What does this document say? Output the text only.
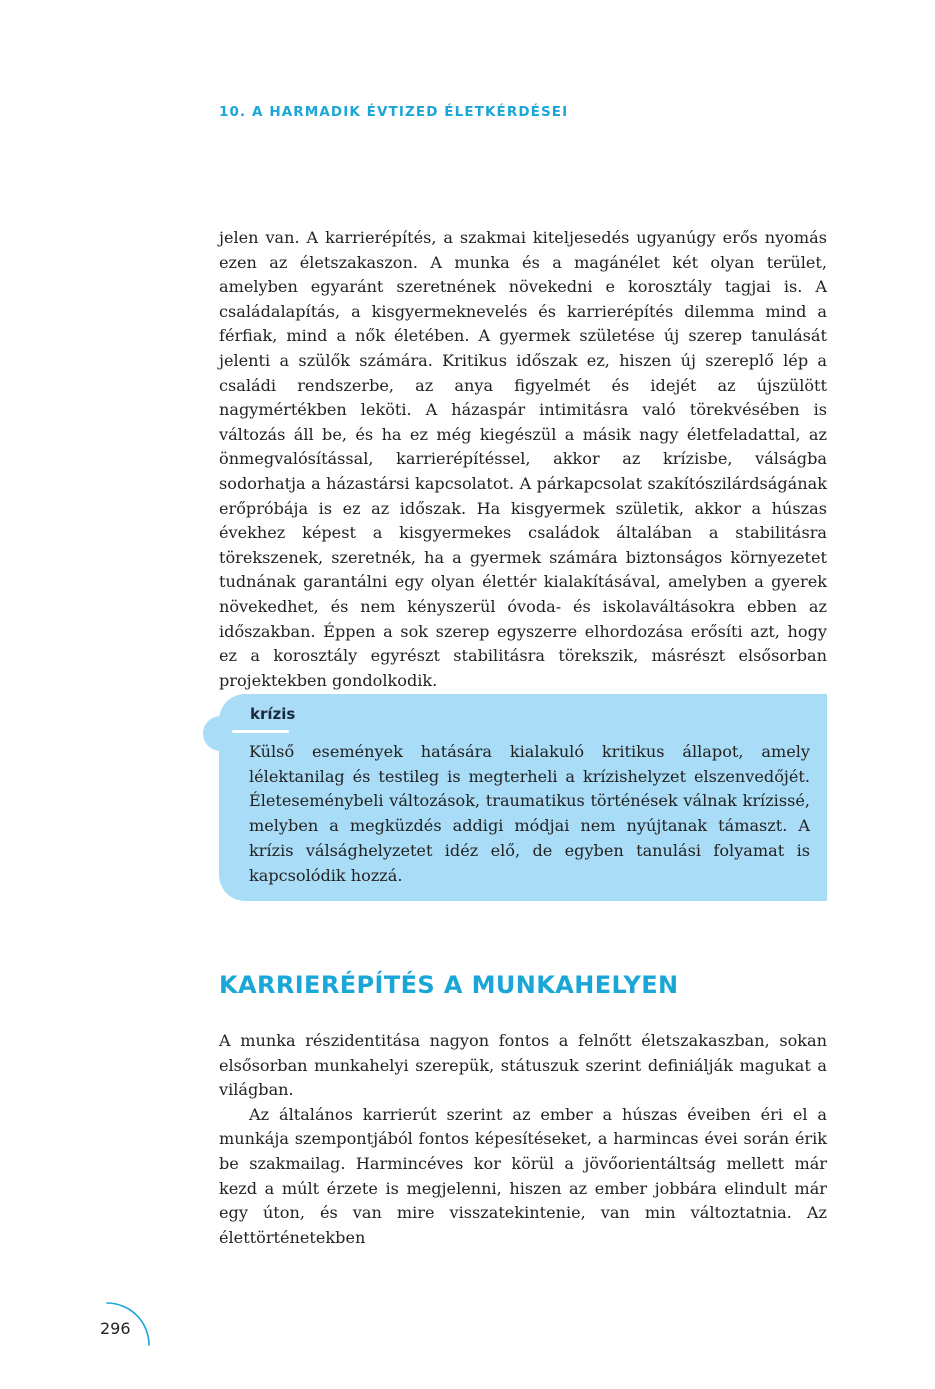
10. A HARMADIK ÉVTIZED ÉLETKÉRDÉSEI

jelen van. A karrierépítés, a szakmai kiteljesedés ugyanúgy erős nyomás ezen az életszakaszon. A munka és a magánélet két olyan terület, amelyben egyaránt szeretnének növekedni e korosztály tagjai is. A családalapítás, a kisgyermeknevelés és karrierépítés dilemma mind a férfiak, mind a nők életében. A gyermek születése új szerep tanulását jelenti a szülők számára. Kritikus időszak ez, hiszen új szereplő lép a családi rendszerbe, az anya figyelmét és idejét az újszülött nagymértékben leköti. A házaspár intimitásra való törekvésében is változás áll be, és ha ez még kiegészül a másik nagy életfeladattal, az önmegvalósítással, karrierépítéssel, akkor az krízisbe, válságba sodorhatja a házastársi kapcsolatot. A párkapcsolat szakítószilárdságának erőpróbája is ez az időszak. Ha kisgyermek születik, akkor a húszas évekhez képest a kisgyermekes családok általában a stabilitásra törekszenek, szeretnék, ha a gyermek számára biztonságos környezetet tudnának garantálni egy olyan élettér kialakításával, amelyben a gyerek növekedhet, és nem kényszerül óvoda- és iskolaváltásokra ebben az időszakban. Éppen a sok szerep egyszerre elhordozása erősíti azt, hogy ez a korosztály egyrészt stabilitásra törekszik, másrészt elsősorban projektekben gondolkodik.

krízis

Külső események hatására kialakuló kritikus állapot, amely lélektanilag és testileg is megterheli a krízishelyzet elszenvedőjét. Életeseménybeli változások, traumatikus történések válnak krízissé, melyben a megküzdés addigi módjai nem nyújtanak támaszt. A krízis válsághelyzetet idéz elő, de egyben tanulási folyamat is kapcsolódik hozzá.

KARRIERÉPÍTÉS A MUNKAHELYEN

A munka részidentitása nagyon fontos a felnőtt életszakaszban, sokan elsősorban munkahelyi szerepük, státuszuk szerint definiálják magukat a világban.

Az általános karrierút szerint az ember a húszas éveiben éri el a munkája szempontjából fontos képesítéseket, a harmincas évei során érik be szakmailag. Harmincéves kor körül a jövőorientáltság mellett már kezd a múlt érzete is megjelenni, hiszen az ember jobbára elindult már egy úton, és van mire visszatekintenie, van min változtatnia. Az élettörténetekben

296
